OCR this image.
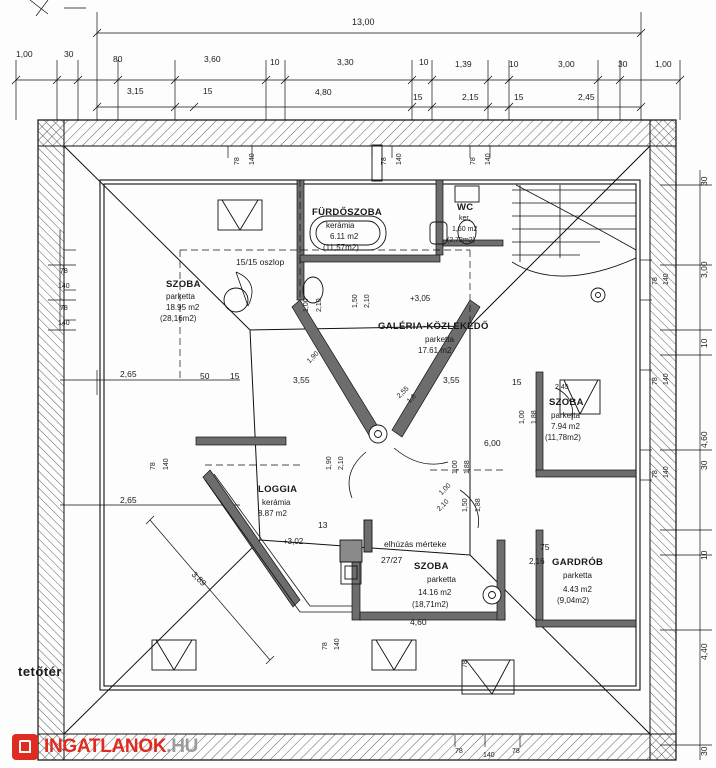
13,00
1,00	30	80	3,60	10	3,30	10	1,39	10	3,00	30	1,00
3,15	15	4,80	15	2,15	15	2,45
30
3,00
10
4,60
30
10
4,40
30
78
140
78
140
78 140	78 140	78 140
78 140
78 140
78 140
78 140
78 140
78
78
140
78
SZOBA
parketta
18.95 m2
(28,16m2)
FÜRDŐSZOBA
kerámia
6.11 m2
(11,57m2)
WC
ker.
1,60 m2
(2,72m2)
GALÉRIA-KÖZLEKEDŐ
parketta
17.61 m2
+3,05
SZOBA
parketta
7.94 m2
(11,78m2)
LOGGIA
kerámia
8.87 m2
+3,02
SZOBA
parketta
14.16 m2
(18,71m2)
GARDRÓB
2,16
parketta
4.43 m2
(9,04m2)
2,65	50 15
2,65
3,55	3,55	15
3,89
4,60
6,00
13
75
27/27
elhúzás mérteke
15/15 oszlop
1,00 2,10	1,50 2,10
1,90
1,90 2,10
1,00
1,50 1,88
1,00 1,88
1,00 1,88
2,45
2,55
1,8
2,10
tetőtér
INGATLANOK.HU
